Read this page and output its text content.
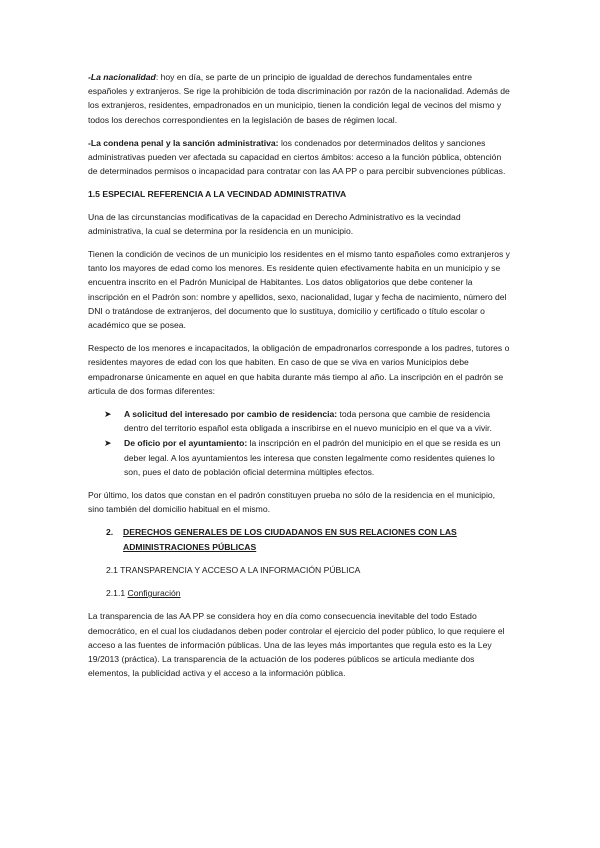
-La nacionalidad: hoy en día, se parte de un principio de igualdad de derechos fundamentales entre españoles y extranjeros. Se rige la prohibición de toda discriminación por razón de la nacionalidad. Además de los extranjeros, residentes, empadronados en un municipio, tienen la condición legal de vecinos del mismo y todos los derechos correspondientes en la legislación de bases de régimen local.

-La condena penal y la sanción administrativa: los condenados por determinados delitos y sanciones administrativas pueden ver afectada su capacidad en ciertos ámbitos: acceso a la función pública, obtención de determinados permisos o incapacidad para contratar con las AA PP o para percibir subvenciones públicas.

1.5 ESPECIAL REFERENCIA A LA VECINDAD ADMINISTRATIVA

Una de las circunstancias modificativas de la capacidad en Derecho Administrativo es la vecindad administrativa, la cual se determina por la residencia en un municipio.

Tienen la condición de vecinos de un municipio los residentes en el mismo tanto españoles como extranjeros y tanto los mayores de edad como los menores. Es residente quien efectivamente habita en un municipio y se encuentra inscrito en el Padrón Municipal de Habitantes. Los datos obligatorios que debe contener la inscripción en el Padrón son: nombre y apellidos, sexo, nacionalidad, lugar y fecha de nacimiento, número del DNI o tratándose de extranjeros, del documento que lo sustituya, domicilio y certificado o título escolar o académico que se posea.

Respecto de los menores e incapacitados, la obligación de empadronarlos corresponde a los padres, tutores o residentes mayores de edad con los que habiten. En caso de que se viva en varios Municipios debe empadronarse únicamente en aquel en que habita durante más tiempo al año. La inscripción en el padrón se articula de dos formas diferentes:

➤ A solicitud del interesado por cambio de residencia: toda persona que cambie de residencia dentro del territorio español esta obligada a inscribirse en el nuevo municipio en el que va a vivir.
➤ De oficio por el ayuntamiento: la inscripción en el padrón del municipio en el que se resida es un deber legal. A los ayuntamientos les interesa que consten legalmente como residentes quienes lo son, pues el dato de población oficial determina múltiples efectos.

Por último, los datos que constan en el padrón constituyen prueba no sólo de la residencia en el municipio, sino también del domicilio habitual en el mismo.

2.	DERECHOS GENERALES DE LOS CIUDADANOS EN SUS RELACIONES CON LAS ADMINISTRACIONES PÚBLICAS
2.1 TRANSPARENCIA Y ACCESO A LA INFORMACIÓN PÚBLICA
2.1.1 Configuración

La transparencia de las AA PP se considera hoy en día como consecuencia inevitable del todo Estado democrático, en el cual los ciudadanos deben poder controlar el ejercicio del poder público, lo que requiere el acceso a las fuentes de información públicas. Una de las leyes más importantes que regula esto es la Ley 19/2013 (práctica). La transparencia de la actuación de los poderes públicos se articula mediante dos elementos, la publicidad activa y el acceso a la información pública.
